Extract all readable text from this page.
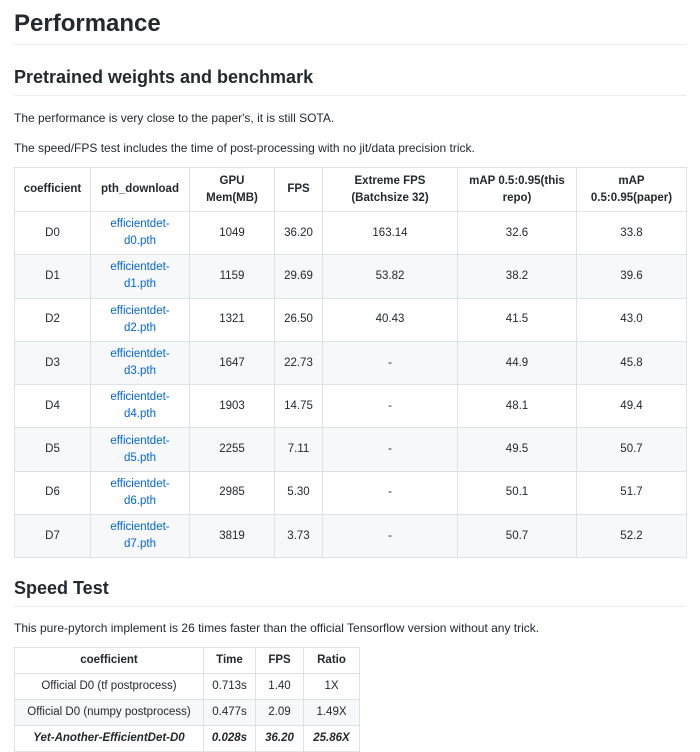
Performance
Pretrained weights and benchmark

The performance is very close to the paper's, it is still SOTA.

The speed/FPS test includes the time of post-processing with no jit/data precision trick.

coefficient	pth_download	GPU Mem(MB)	FPS	Extreme FPS (Batchsize 32)	mAP 0.5:0.95(this repo)	mAP 0.5:0.95(paper)
D0	efficientdet-d0.pth	1049	36.20	163.14	32.6	33.8
D1	efficientdet-d1.pth	1159	29.69	53.82	38.2	39.6
D2	efficientdet-d2.pth	1321	26.50	40.43	41.5	43.0
D3	efficientdet-d3.pth	1647	22.73	-	44.9	45.8
D4	efficientdet-d4.pth	1903	14.75	-	48.1	49.4
D5	efficientdet-d5.pth	2255	7.11	-	49.5	50.7
D6	efficientdet-d6.pth	2985	5.30	-	50.1	51.7
D7	efficientdet-d7.pth	3819	3.73	-	50.7	52.2
Speed Test

This pure-pytorch implement is 26 times faster than the official Tensorflow version without any trick.

coefficient	Time	FPS	Ratio
Official D0 (tf postprocess)	0.713s	1.40	1X
Official D0 (numpy postprocess)	0.477s	2.09	1.49X
Yet-Another-EfficientDet-D0	0.028s	36.20	25.86X
